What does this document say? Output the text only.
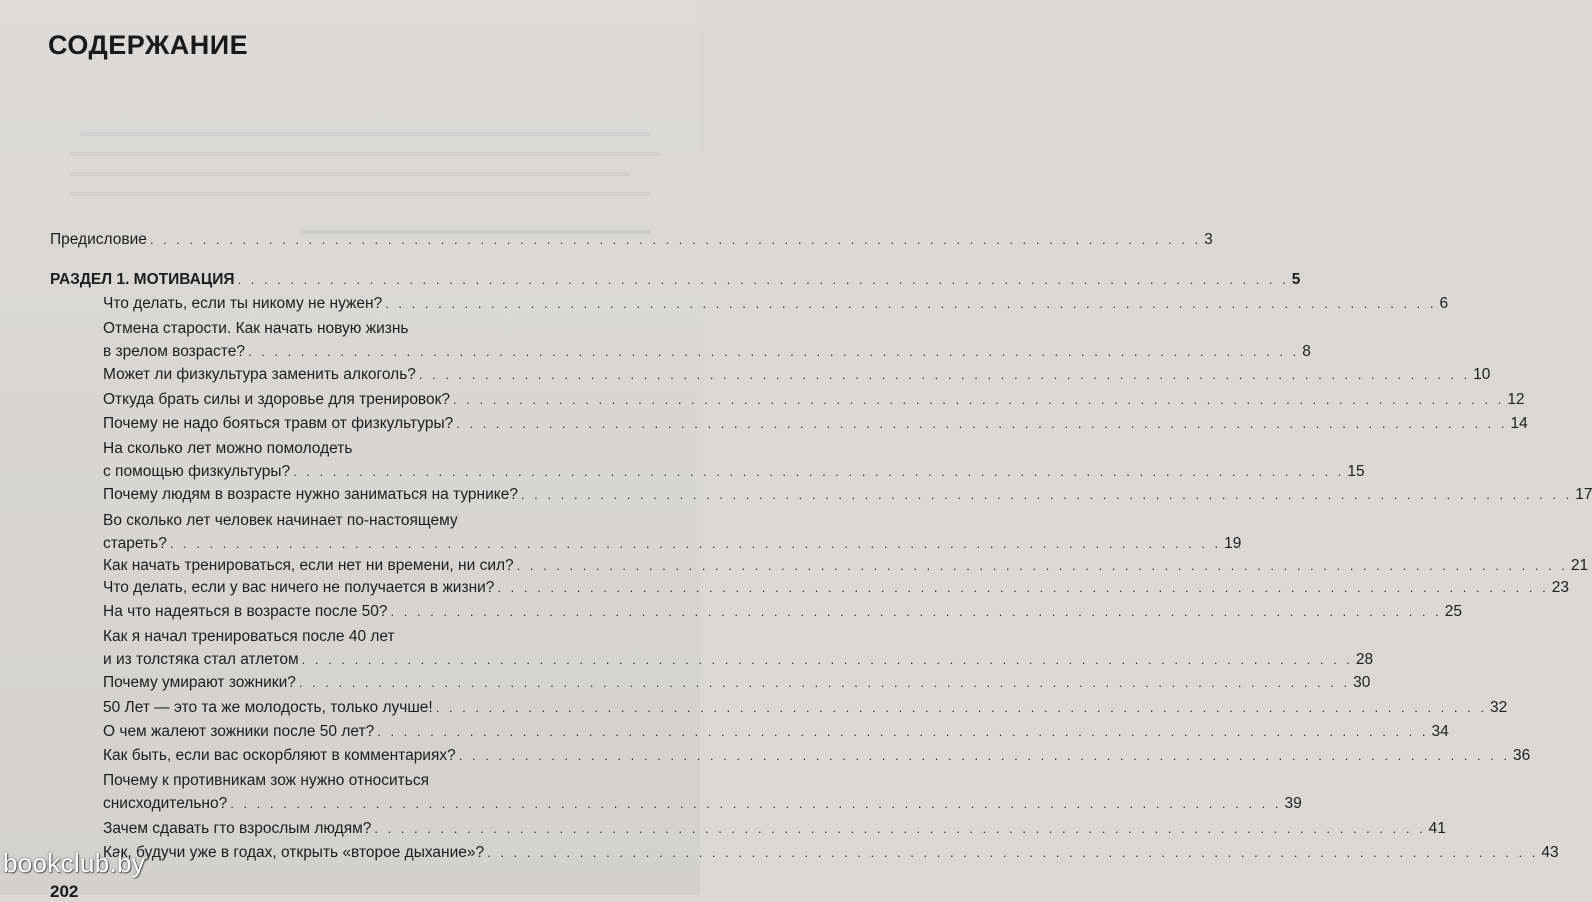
СОДЕРЖАНИЕ
Предисловие . . . . . . . . . . . . . . . . . . . . . . . . . . . . . . . . . . . . . . . . . . . . . . . . . . . . . . . . . . . . . . . . . . . . . . . . . . . . . . . . 3
РАЗДЕЛ 1. МОТИВАЦИЯ . . . . . . . . . . . . . . . . . . . . . . . . . . . . . . . . . . . . . . . . . . . . . . . . . . . . . . . . . . . . . . . . . . . . . . . . . . . . . . . . 5
Что делать, если ты никому не нужен? . . . . . . . . . . . . . . . . . . . . . . . . . . . . . . . . . . . . . . . . . . . . . . . . . . . . . . . . . . . . . . . . . . . . . . . . . . . . . . . . 6
Отмена старости. Как начать новую жизнь
в зрелом возрасте? . . . . . . . . . . . . . . . . . . . . . . . . . . . . . . . . . . . . . . . . . . . . . . . . . . . . . . . . . . . . . . . . . . . . . . . . . . . . . . . . 8
Может ли физкультура заменить алкоголь? . . . . . . . . . . . . . . . . . . . . . . . . . . . . . . . . . . . . . . . . . . . . . . . . . . . . . . . . . . . . . . . . . . . . . . . . . . . . . . . . 10
Откуда брать силы и здоровье для тренировок? . . . . . . . . . . . . . . . . . . . . . . . . . . . . . . . . . . . . . . . . . . . . . . . . . . . . . . . . . . . . . . . . . . . . . . . . . . . . . . . . 12
Почему не надо бояться травм от физкультуры? . . . . . . . . . . . . . . . . . . . . . . . . . . . . . . . . . . . . . . . . . . . . . . . . . . . . . . . . . . . . . . . . . . . . . . . . . . . . . . . . 14
На сколько лет можно помолодеть
с помощью физкультуры? . . . . . . . . . . . . . . . . . . . . . . . . . . . . . . . . . . . . . . . . . . . . . . . . . . . . . . . . . . . . . . . . . . . . . . . . . . . . . . . . 15
Почему людям в возрасте нужно заниматься на турнике? . . . . . . . . . . . . . . . . . . . . . . . . . . . . . . . . . . . . . . . . . . . . . . . . . . . . . . . . . . . . . . . . . . . . . . . . . . . . . . . . 17
Во сколько лет человек начинает по-настоящему
стареть? . . . . . . . . . . . . . . . . . . . . . . . . . . . . . . . . . . . . . . . . . . . . . . . . . . . . . . . . . . . . . . . . . . . . . . . . . . . . . . . . 19
Как начать тренироваться, если нет ни времени, ни сил? . . . . . . . . . . . . . . . . . . . . . . . . . . . . . . . . . . . . . . . . . . . . . . . . . . . . . . . . . . . . . . . . . . . . . . . . . . . . . . . . 21
Что делать, если у вас ничего не получается в жизни? . . . . . . . . . . . . . . . . . . . . . . . . . . . . . . . . . . . . . . . . . . . . . . . . . . . . . . . . . . . . . . . . . . . . . . . . . . . . . . . . 23
На что надеяться в возрасте после 50? . . . . . . . . . . . . . . . . . . . . . . . . . . . . . . . . . . . . . . . . . . . . . . . . . . . . . . . . . . . . . . . . . . . . . . . . . . . . . . . . 25
Как я начал тренироваться после 40 лет
и из толстяка стал атлетом . . . . . . . . . . . . . . . . . . . . . . . . . . . . . . . . . . . . . . . . . . . . . . . . . . . . . . . . . . . . . . . . . . . . . . . . . . . . . . . . 28
Почему умирают зожники? . . . . . . . . . . . . . . . . . . . . . . . . . . . . . . . . . . . . . . . . . . . . . . . . . . . . . . . . . . . . . . . . . . . . . . . . . . . . . . . . 30
50 Лет — это та же молодость, только лучше! . . . . . . . . . . . . . . . . . . . . . . . . . . . . . . . . . . . . . . . . . . . . . . . . . . . . . . . . . . . . . . . . . . . . . . . . . . . . . . . . 32
О чем жалеют зожники после 50 лет? . . . . . . . . . . . . . . . . . . . . . . . . . . . . . . . . . . . . . . . . . . . . . . . . . . . . . . . . . . . . . . . . . . . . . . . . . . . . . . . . 34
Как быть, если вас оскорбляют в комментариях? . . . . . . . . . . . . . . . . . . . . . . . . . . . . . . . . . . . . . . . . . . . . . . . . . . . . . . . . . . . . . . . . . . . . . . . . . . . . . . . . 36
Почему к противникам зож нужно относиться
снисходительно? . . . . . . . . . . . . . . . . . . . . . . . . . . . . . . . . . . . . . . . . . . . . . . . . . . . . . . . . . . . . . . . . . . . . . . . . . . . . . . . . 39
Зачем сдавать гто взрослым людям? . . . . . . . . . . . . . . . . . . . . . . . . . . . . . . . . . . . . . . . . . . . . . . . . . . . . . . . . . . . . . . . . . . . . . . . . . . . . . . . . 41
Как, будучи уже в годах, открыть «второе дыхание»? . . . . . . . . . . . . . . . . . . . . . . . . . . . . . . . . . . . . . . . . . . . . . . . . . . . . . . . . . . . . . . . . . . . . . . . . . . . . . . . . 43
bookclub.by
202
